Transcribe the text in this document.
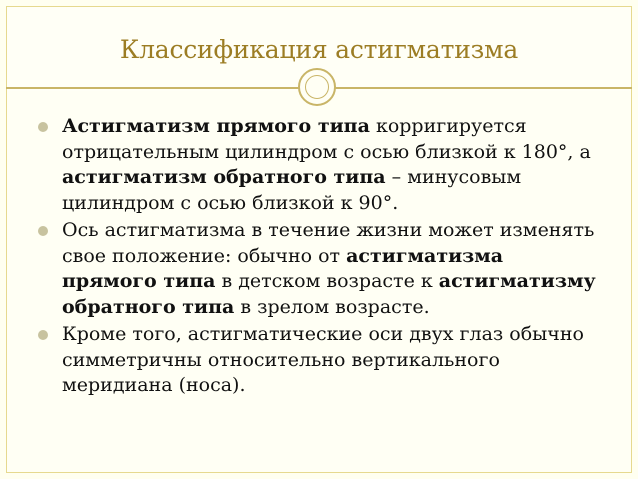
Классификация астигматизма
Астигматизм прямого типа корригируется отрицательным цилиндром с осью близкой к 180°, а астигматизм обратного типа – минусовым цилиндром с осью близкой к 90°.
Ось астигматизма в течение жизни может изменять свое положение: обычно от астигматизма прямого типа в детском возрасте к астигматизму обратного типа в зрелом возрасте.
Кроме того, астигматические оси двух глаз обычно симметричны относительно вертикального меридиана (носа).
